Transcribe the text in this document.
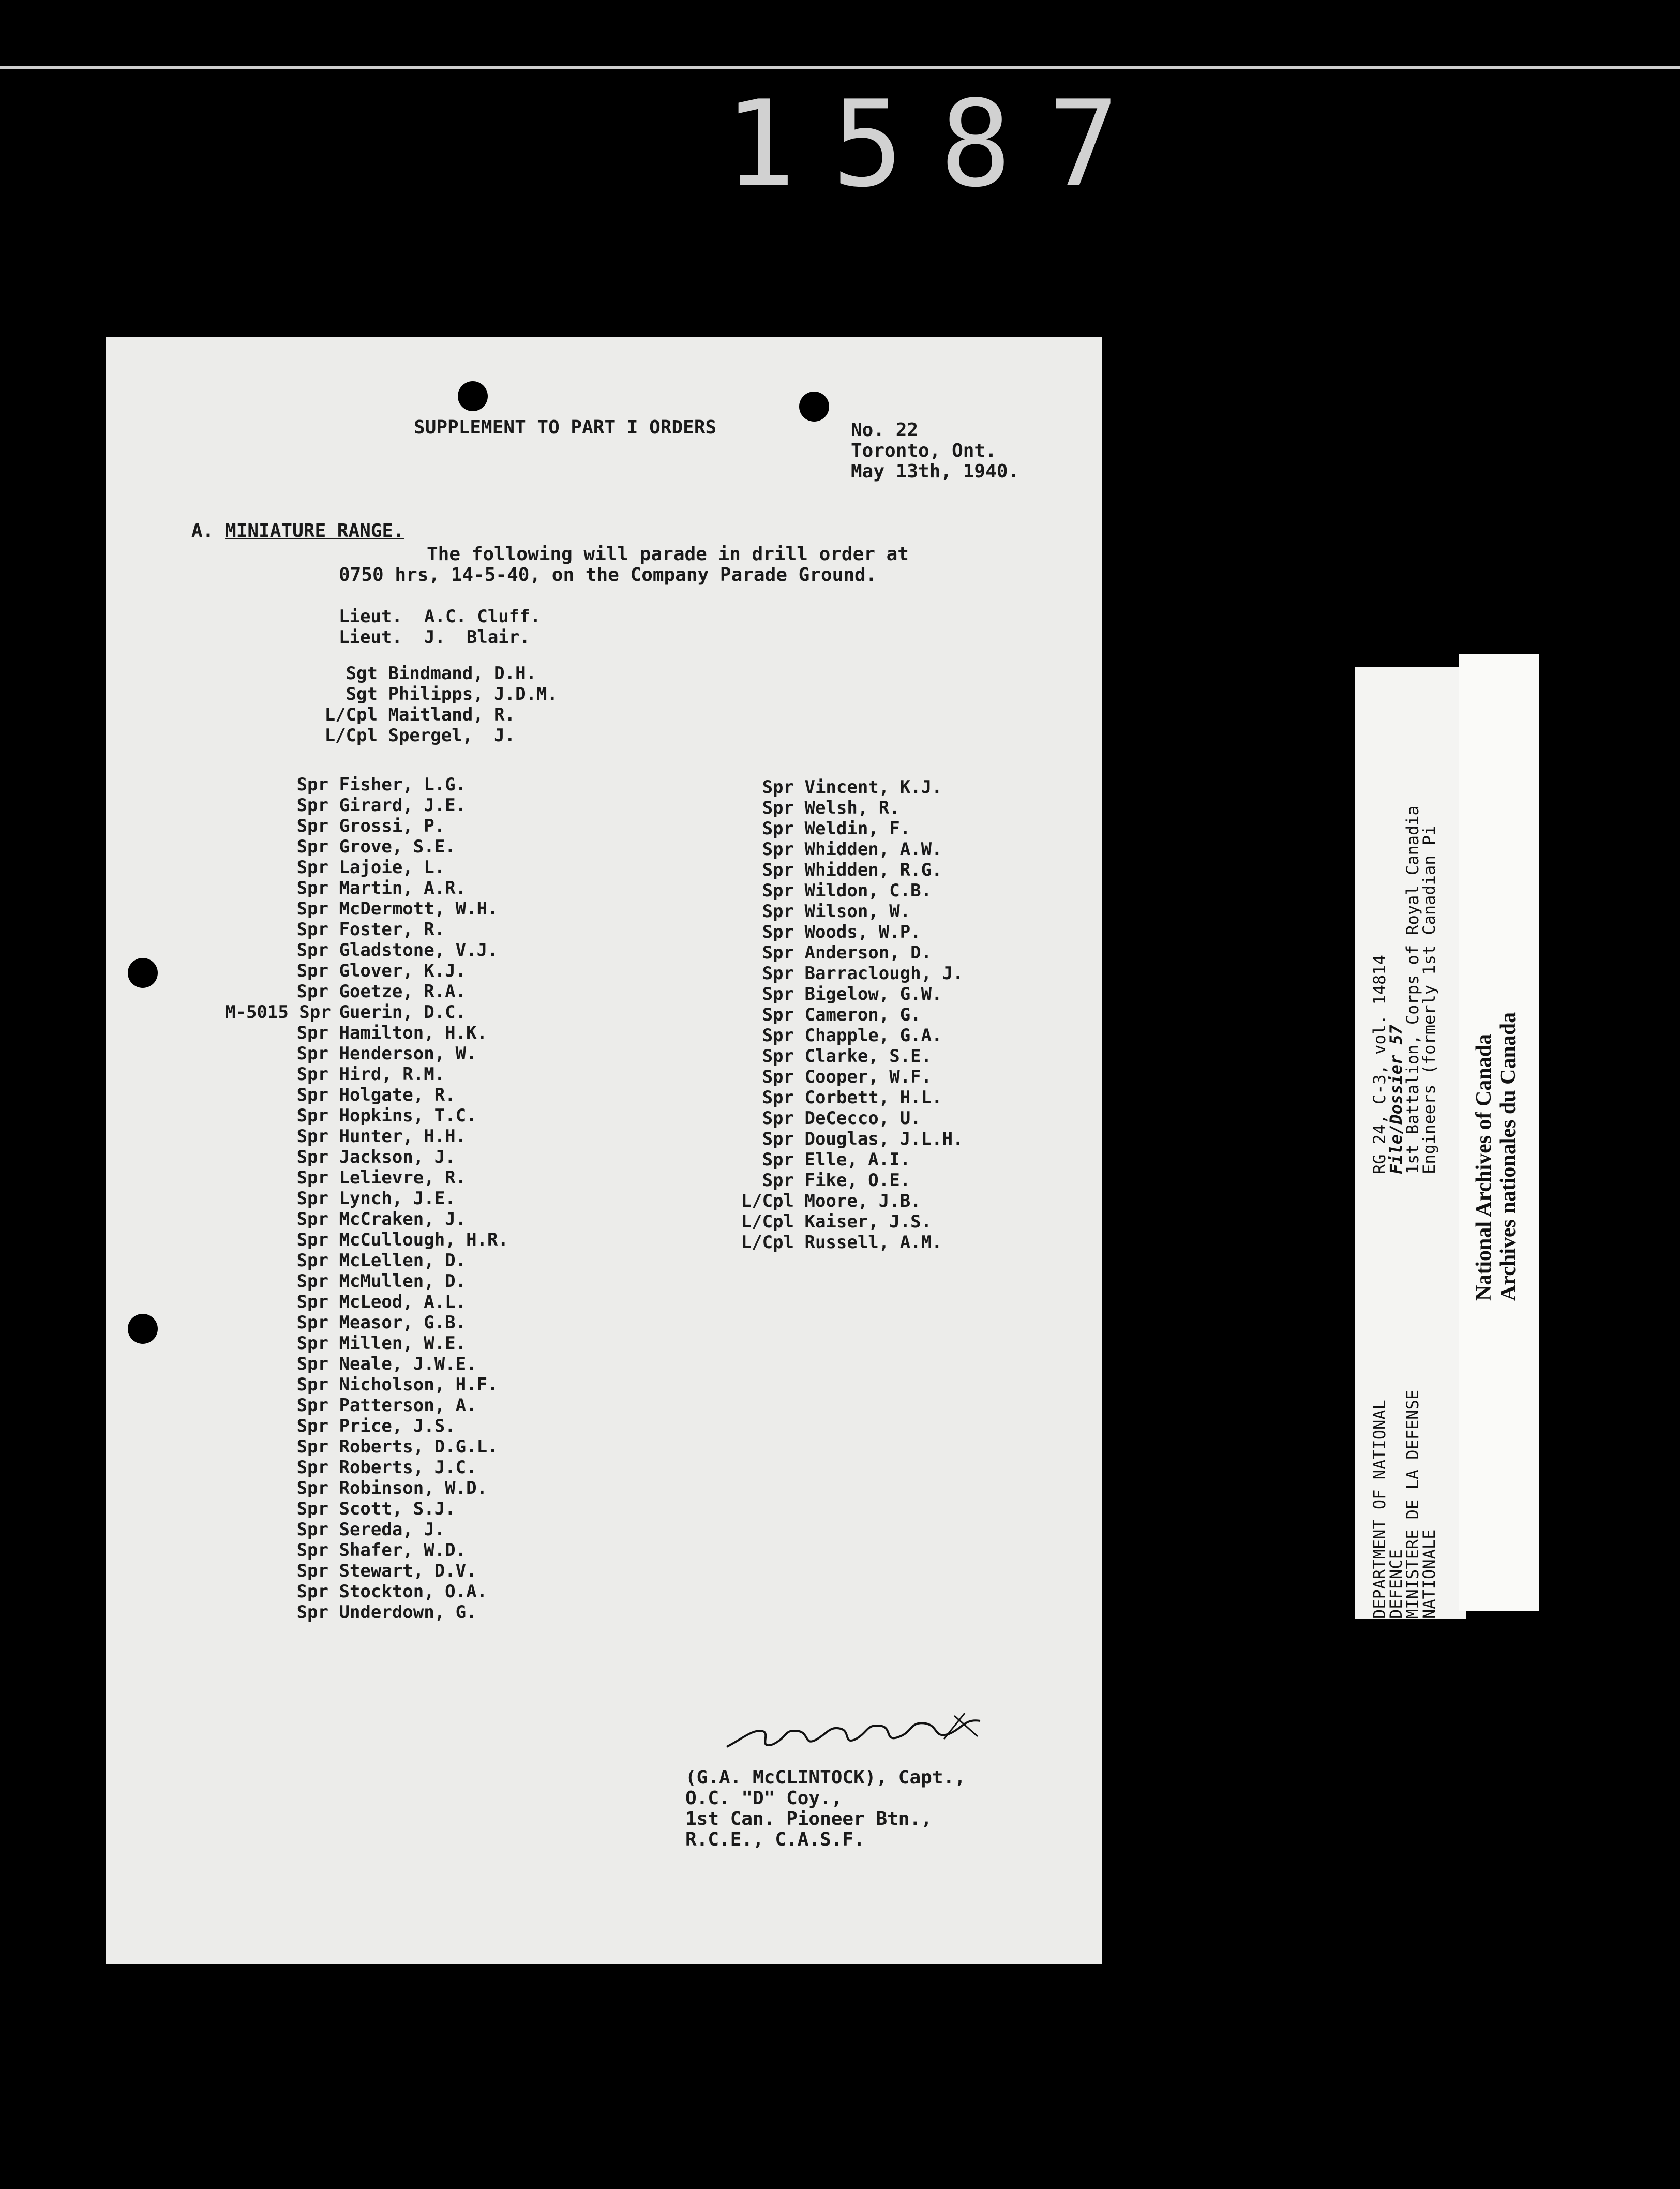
1587
SUPPLEMENT TO PART I ORDERS	No. 22
Toronto, Ont.
May 13th, 1940.
A. MINIATURE RANGE.
The following will parade in drill order at
0750 hrs, 14-5-40, on the Company Parade Ground.
Lieut. A.C. Cluff.
Lieut. J.  Blair.
Sgt Bindmand, D.H.
Sgt Philipps, J.D.M.
L/Cpl Maitland, R.
L/Cpl Spergel,  J.
Spr Fisher, L.G.
Spr Girard, J.E.
Spr Grossi, P.
Spr Grove, S.E.
Spr Lajoie, L.
Spr Martin, A.R.
Spr McDermott, W.H.
Spr Foster, R.
Spr Gladstone, V.J.
Spr Glover, K.J.
Spr Goetze, R.A.
M-5015 Spr Guerin, D.C.
Spr Hamilton, H.K.
Spr Henderson, W.
Spr Hird, R.M.
Spr Holgate, R.
Spr Hopkins, T.C.
Spr Hunter, H.H.
Spr Jackson, J.
Spr Lelievre, R.
Spr Lynch, J.E.
Spr McCraken, J.
Spr McCullough, H.R.
Spr McLellen, D.
Spr McMullen, D.
Spr McLeod, A.L.
Spr Measor, G.B.
Spr Millen, W.E.
Spr Neale, J.W.E.
Spr Nicholson, H.F.
Spr Patterson, A.
Spr Price, J.S.
Spr Roberts, D.G.L.
Spr Roberts, J.C.
Spr Robinson, W.D.
Spr Scott, S.J.
Spr Sereda, J.
Spr Shafer, W.D.
Spr Stewart, D.V.
Spr Stockton, O.A.
Spr Underdown, G.
Spr Vincent, K.J.
Spr Welsh, R.
Spr Weldin, F.
Spr Whidden, A.W.
Spr Whidden, R.G.
Spr Wildon, C.B.
Spr Wilson, W.
Spr Woods, W.P.
Spr Anderson, D.
Spr Barraclough, J.
Spr Bigelow, G.W.
Spr Cameron, G.
Spr Chapple, G.A.
Spr Clarke, S.E.
Spr Cooper, W.F.
Spr Corbett, H.L.
Spr DeCecco, U.
Spr Douglas, J.L.H.
Spr Elle, A.I.
Spr Fike, O.E.
L/Cpl Moore, J.B.
L/Cpl Kaiser, J.S.
L/Cpl Russell, A.M.
(G.A. McCLINTOCK), Capt.,
O.C. "D" Coy.,
1st Can. Pioneer Btn.,
R.C.E., C.A.S.F.
DEPARTMENT OF NATIONAL
DEFENCE
MINISTERE DE LA DEFENSE
NATIONALE
RG 24, C-3, vol. 14814
File/Dossier 57
1st Battalion, Corps of Royal Canadia
Engineers (formerly 1st Canadian Pi National Archives of Canada Archives nationales du Canada
